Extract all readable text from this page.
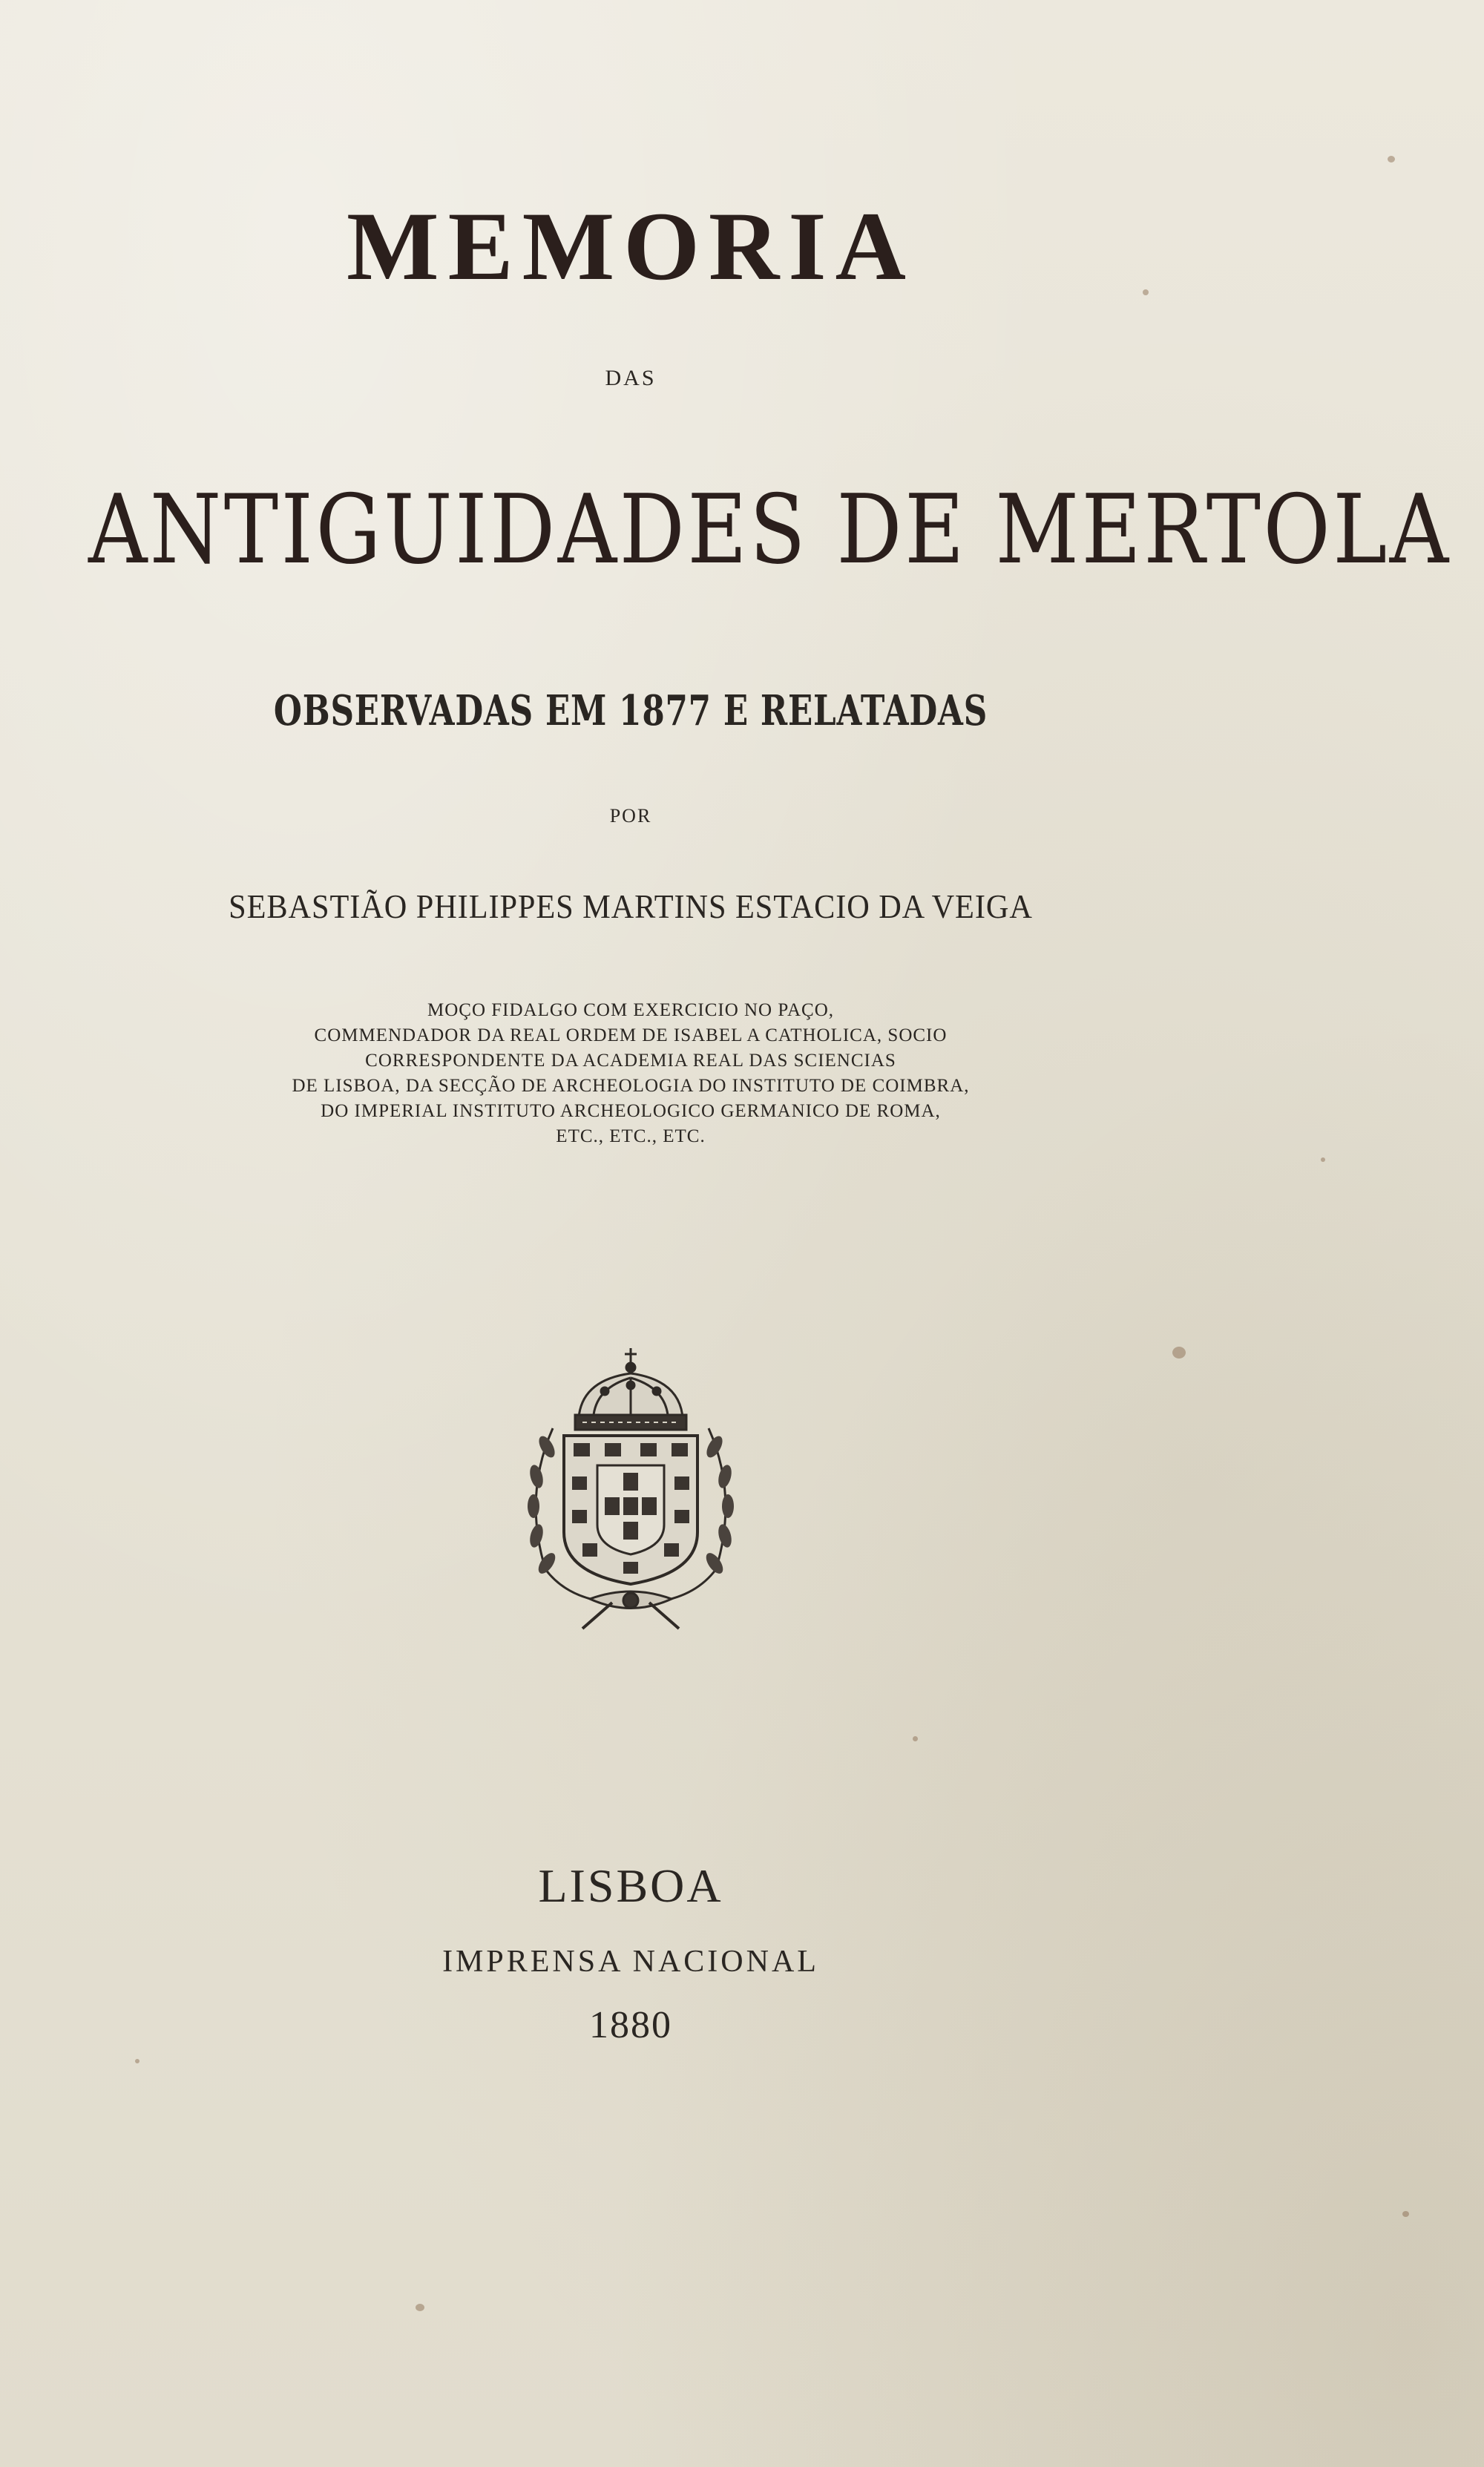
MEMORIA
DAS
ANTIGUIDADES DE MERTOLA
OBSERVADAS EM 1877 E RELATADAS
POR
SEBASTIÃO PHILIPPES MARTINS ESTACIO DA VEIGA
MOÇO FIDALGO COM EXERCICIO NO PAÇO,
COMMENDADOR DA REAL ORDEM DE ISABEL A CATHOLICA, SOCIO
CORRESPONDENTE DA ACADEMIA REAL DAS SCIENCIAS
DE LISBOA, DA SECÇÃO DE ARCHEOLOGIA DO INSTITUTO DE COIMBRA,
DO IMPERIAL INSTITUTO ARCHEOLOGICO GERMANICO DE ROMA,
ETC., ETC., ETC.
LISBOA
IMPRENSA NACIONAL
1880
